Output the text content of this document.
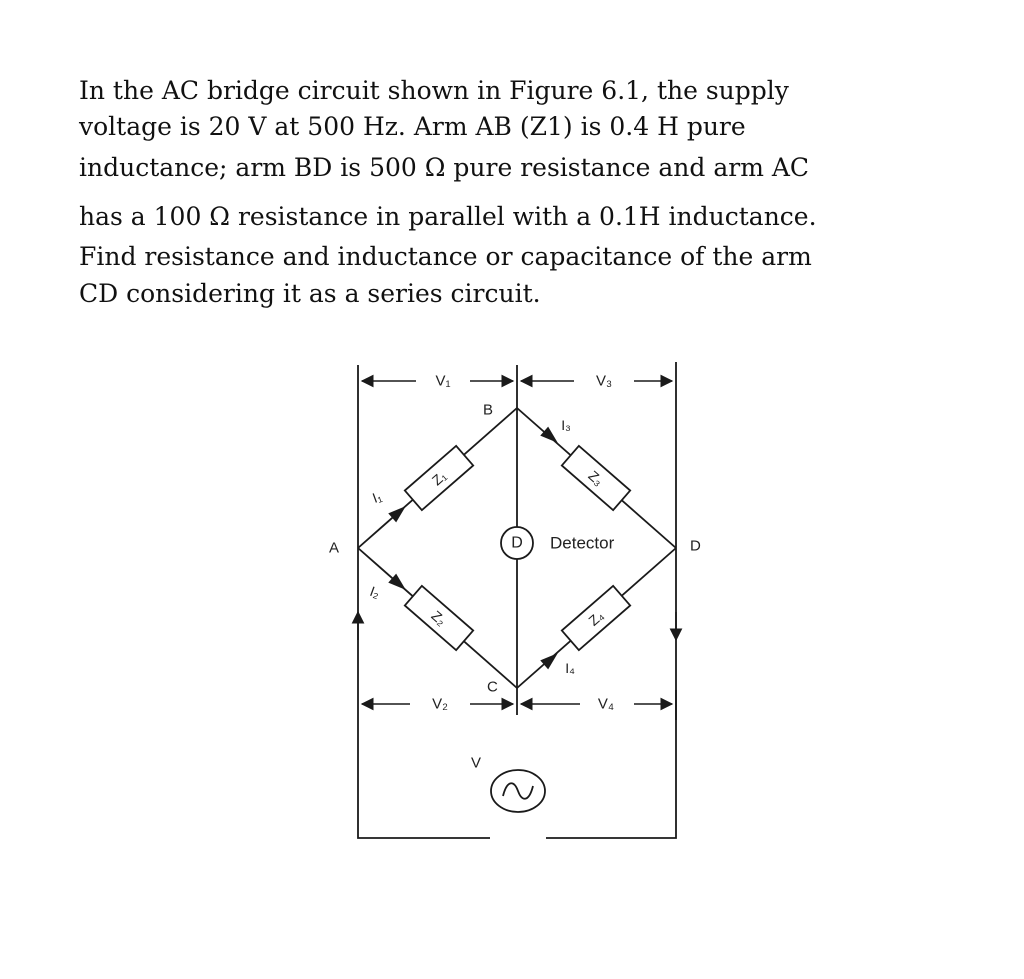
In the AC bridge circuit shown in Figure 6.1, the supply
voltage is 20 V at 500 Hz. Arm AB (Z1) is 0.4 H pure
inductance; arm BD is 500 Ω pure resistance and arm AC
has a 100 Ω resistance in parallel with a 0.1H inductance.
Find resistance and inductance or capacitance of the arm
CD considering it as a series circuit.
Z₁
Z₂
Z₃
Z₄
D Detector
A
B
C
D
V₁	V₃
V₂	V₄
V
I₁
I₂
I₃
I₄
